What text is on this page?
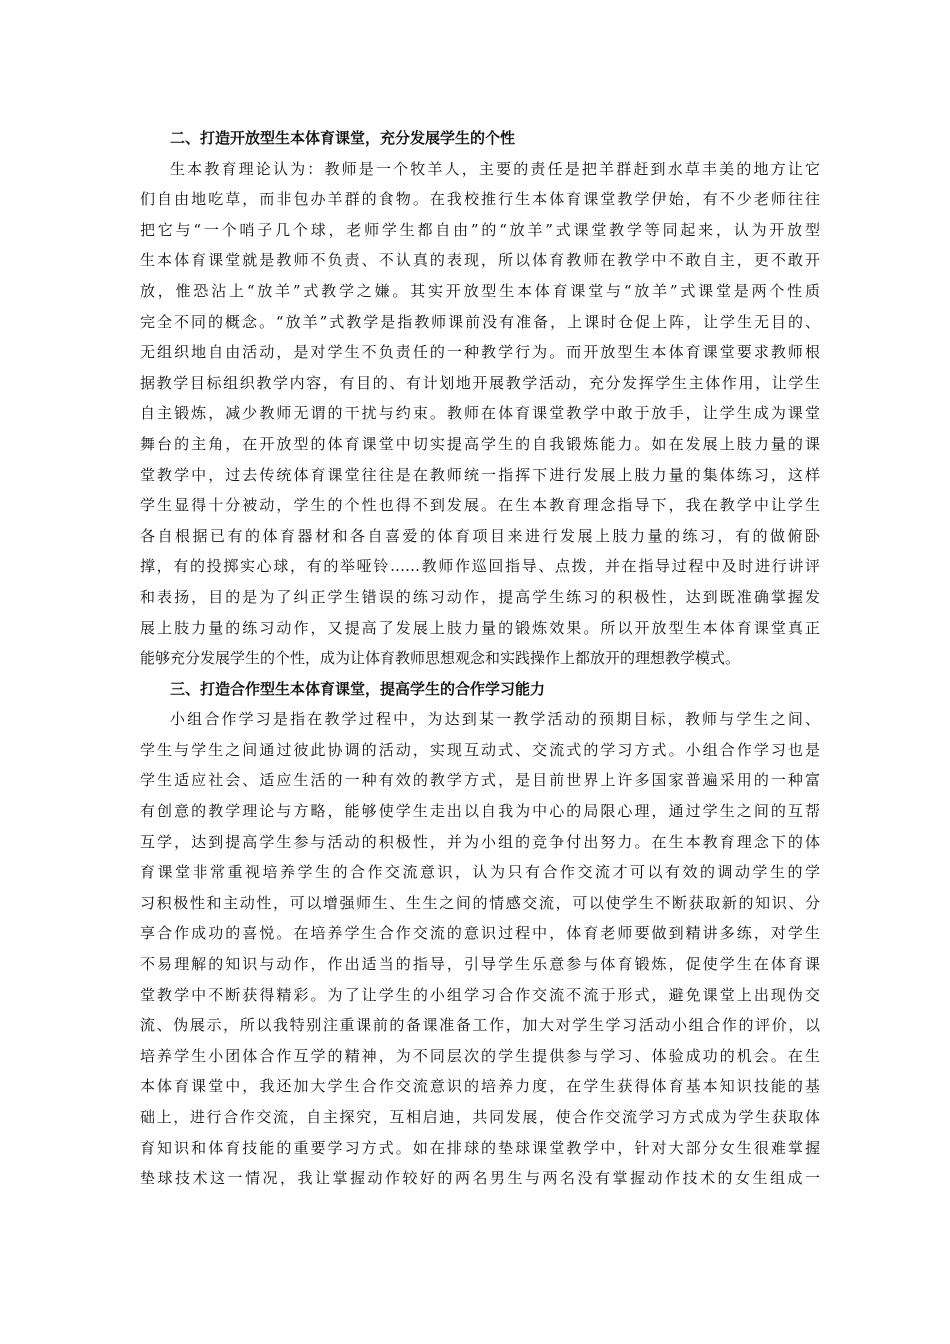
二、打造开放型生本体育课堂，充分发展学生的个性
生本教育理论认为：教师是一个牧羊人，主要的责任是把羊群赶到水草丰美的地方让它
们自由地吃草，而非包办羊群的食物。在我校推行生本体育课堂教学伊始，有不少老师往往
把它与“一个哨子几个球，老师学生都自由”的“放羊”式课堂教学等同起来，认为开放型
生本体育课堂就是教师不负责、不认真的表现，所以体育教师在教学中不敢自主，更不敢开
放，惟恐沾上“放羊”式教学之嫌。其实开放型生本体育课堂与“放羊”式课堂是两个性质
完全不同的概念。“放羊”式教学是指教师课前没有准备，上课时仓促上阵，让学生无目的、
无组织地自由活动，是对学生不负责任的一种教学行为。而开放型生本体育课堂要求教师根
据教学目标组织教学内容，有目的、有计划地开展教学活动，充分发挥学生主体作用，让学生
自主锻炼，减少教师无谓的干扰与约束。教师在体育课堂教学中敢于放手，让学生成为课堂
舞台的主角，在开放型的体育课堂中切实提高学生的自我锻炼能力。如在发展上肢力量的课
堂教学中，过去传统体育课堂往往是在教师统一指挥下进行发展上肢力量的集体练习，这样
学生显得十分被动，学生的个性也得不到发展。在生本教育理念指导下，我在教学中让学生
各自根据已有的体育器材和各自喜爱的体育项目来进行发展上肢力量的练习，有的做俯卧
撑，有的投掷实心球，有的举哑铃……教师作巡回指导、点拨，并在指导过程中及时进行讲评
和表扬，目的是为了纠正学生错误的练习动作，提高学生练习的积极性，达到既准确掌握发
展上肢力量的练习动作，又提高了发展上肢力量的锻炼效果。所以开放型生本体育课堂真正
能够充分发展学生的个性，成为让体育教师思想观念和实践操作上都放开的理想教学模式。
三、打造合作型生本体育课堂，提高学生的合作学习能力
小组合作学习是指在教学过程中，为达到某一教学活动的预期目标，教师与学生之间、
学生与学生之间通过彼此协调的活动，实现互动式、交流式的学习方式。小组合作学习也是
学生适应社会、适应生活的一种有效的教学方式，是目前世界上许多国家普遍采用的一种富
有创意的教学理论与方略，能够使学生走出以自我为中心的局限心理，通过学生之间的互帮
互学，达到提高学生参与活动的积极性，并为小组的竞争付出努力。在生本教育理念下的体
育课堂非常重视培养学生的合作交流意识，认为只有合作交流才可以有效的调动学生的学
习积极性和主动性，可以增强师生、生生之间的情感交流，可以使学生不断获取新的知识、分
享合作成功的喜悦。在培养学生合作交流的意识过程中，体育老师要做到精讲多练，对学生
不易理解的知识与动作，作出适当的指导，引导学生乐意参与体育锻炼，促使学生在体育课
堂教学中不断获得精彩。为了让学生的小组学习合作交流不流于形式，避免课堂上出现伪交
流、伪展示，所以我特别注重课前的备课准备工作，加大对学生学习活动小组合作的评价，以
培养学生小团体合作互学的精神，为不同层次的学生提供参与学习、体验成功的机会。在生
本体育课堂中，我还加大学生合作交流意识的培养力度，在学生获得体育基本知识技能的基
础上，进行合作交流，自主探究，互相启迪，共同发展，使合作交流学习方式成为学生获取体
育知识和体育技能的重要学习方式。如在排球的垫球课堂教学中，针对大部分女生很难掌握
垫球技术这一情况，我让掌握动作较好的两名男生与两名没有掌握动作技术的女生组成一
